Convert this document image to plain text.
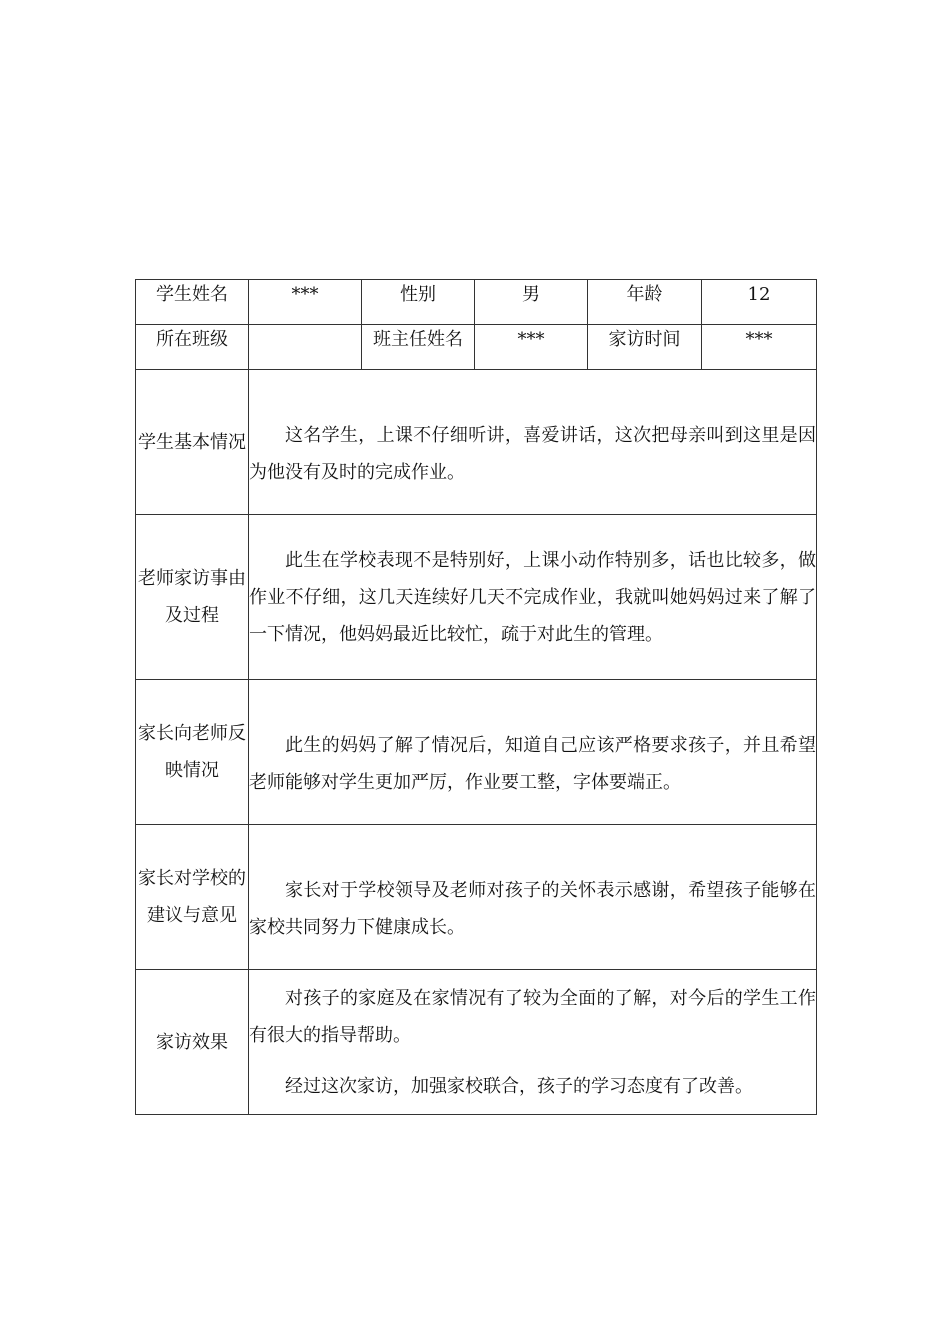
学生姓名	***	性别	男	年龄	12
所在班级		班主任姓名	***	家访时间	***
学生基本情况	这名学生，上课不仔细听讲，喜爱讲话，这次把母亲叫到这里是因为他没有及时的完成作业。				

老师家访事由及过程	此生在学校表现不是特别好，上课小动作特别多，话也比较多，做作业不仔细，这几天连续好几天不完成作业，我就叫她妈妈过来了解了一下情况，他妈妈最近比较忙，疏于对此生的管理。				

家长向老师反映情况	此生的妈妈了解了情况后，知道自己应该严格要求孩子，并且希望老师能够对学生更加严厉，作业要工整，字体要端正。				

家长对学校的建议与意见	家长对于学校领导及老师对孩子的关怀表示感谢，希望孩子能够在家校共同努力下健康成长。				

家访效果	对孩子的家庭及在家情况有了较为全面的了解，对今后的学生工作有很大的指导帮助。

经过这次家访，加强家校联合，孩子的学习态度有了改善。				
